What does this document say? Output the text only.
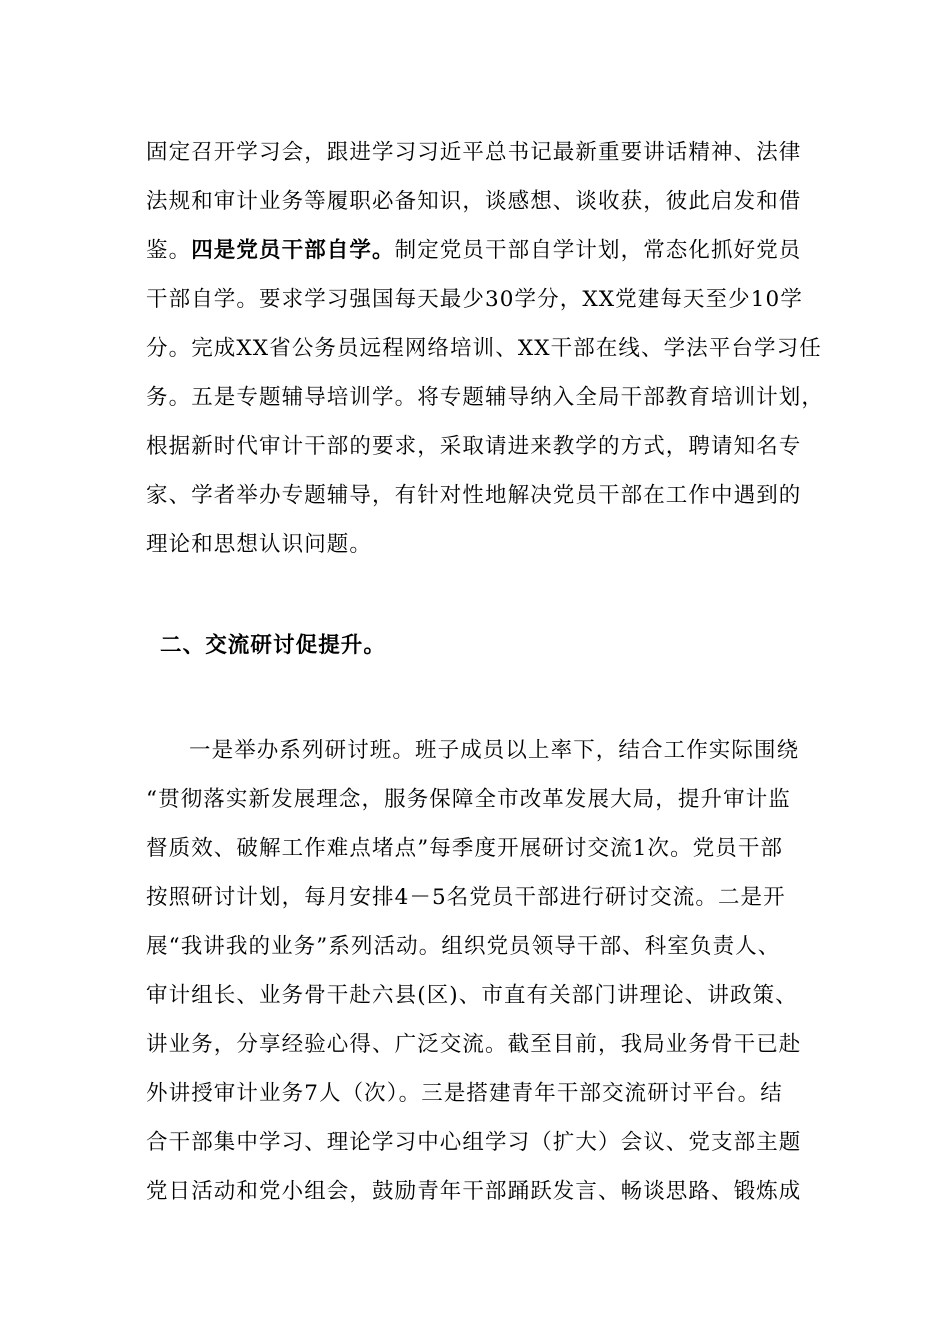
固定召开学习会，跟进学习习近平总书记最新重要讲话精神、法律
法规和审计业务等履职必备知识，谈感想、谈收获，彼此启发和借
鉴。四是党员干部自学。制定党员干部自学计划，常态化抓好党员
干部自学。要求学习强国每天最少30学分，XX党建每天至少10学
分。完成XX省公务员远程网络培训、XX干部在线、学法平台学习任
务。五是专题辅导培训学。将专题辅导纳入全局干部教育培训计划，
根据新时代审计干部的要求，采取请进来教学的方式，聘请知名专
家、学者举办专题辅导，有针对性地解决党员干部在工作中遇到的
理论和思想认识问题。
二、交流研讨促提升。
一是举办系列研讨班。班子成员以上率下，结合工作实际围绕
“贯彻落实新发展理念，服务保障全市改革发展大局，提升审计监
督质效、破解工作难点堵点”每季度开展研讨交流1次。党员干部
按照研讨计划，每月安排4－5名党员干部进行研讨交流。二是开
展“我讲我的业务”系列活动。组织党员领导干部、科室负责人、
审计组长、业务骨干赴六县(区)、市直有关部门讲理论、讲政策、
讲业务，分享经验心得、广泛交流。截至目前，我局业务骨干已赴
外讲授审计业务7人（次）。三是搭建青年干部交流研讨平台。结
合干部集中学习、理论学习中心组学习（扩大）会议、党支部主题
党日活动和党小组会，鼓励青年干部踊跃发言、畅谈思路、锻炼成
